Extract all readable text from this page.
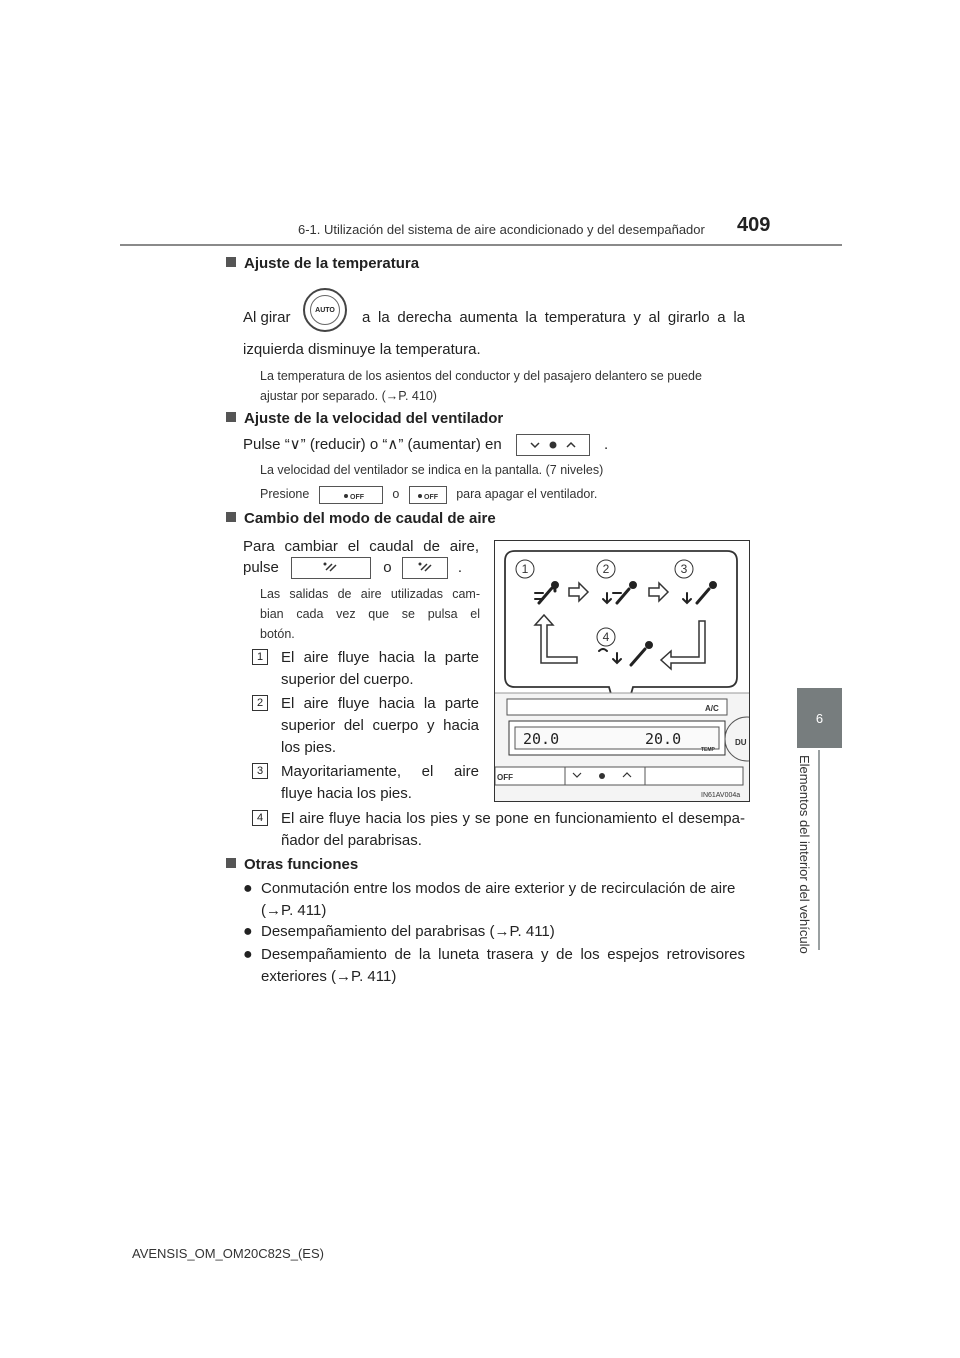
6-1. Utilización del sistema de aire acondicionado y del desempañador 409
6
Elementos del interior del vehículo
Ajuste de la temperatura
Al girar	AUTO	a la derecha aumenta la temperatura y al girarlo a la
izquierda disminuye la temperatura.
La temperatura de los asientos del conductor y del pasajero delantero se puede
ajustar por separado. (→P. 410)
Ajuste de la velocidad del ventilador
Pulse “∨” (reducir) o “∧” (aumentar) en	.
La velocidad del ventilador se indica en la pantalla. (7 niveles)
Presione	OFF o	OFF para apagar el ventilador.
Cambio del modo de caudal de aire
Para cambiar el caudal de aire,
pulse	o	.
Las salidas de aire utilizadas cam-
bian cada vez que se pulsa el
botón.
1	El aire fluye hacia la parte
superior del cuerpo.
2	El aire fluye hacia la parte
superior del cuerpo y hacia
los pies.
3	Mayoritariamente, el aire
fluye hacia los pies.
4	El aire fluye hacia los pies y se pone en funcionamiento el desempa-
ñador del parabrisas.
1	2	3
4
A/C
20.0	20.0
TEMP
DU
OFF
IN61AV004a
Otras funciones
● Conmutación entre los modos de aire exterior y de recirculación de aire
(→P. 411)
● Desempañamiento del parabrisas (→P. 411)
● Desempañamiento de la luneta trasera y de los espejos retrovisores
exteriores (→P. 411)
AVENSIS_OM_OM20C82S_(ES)
